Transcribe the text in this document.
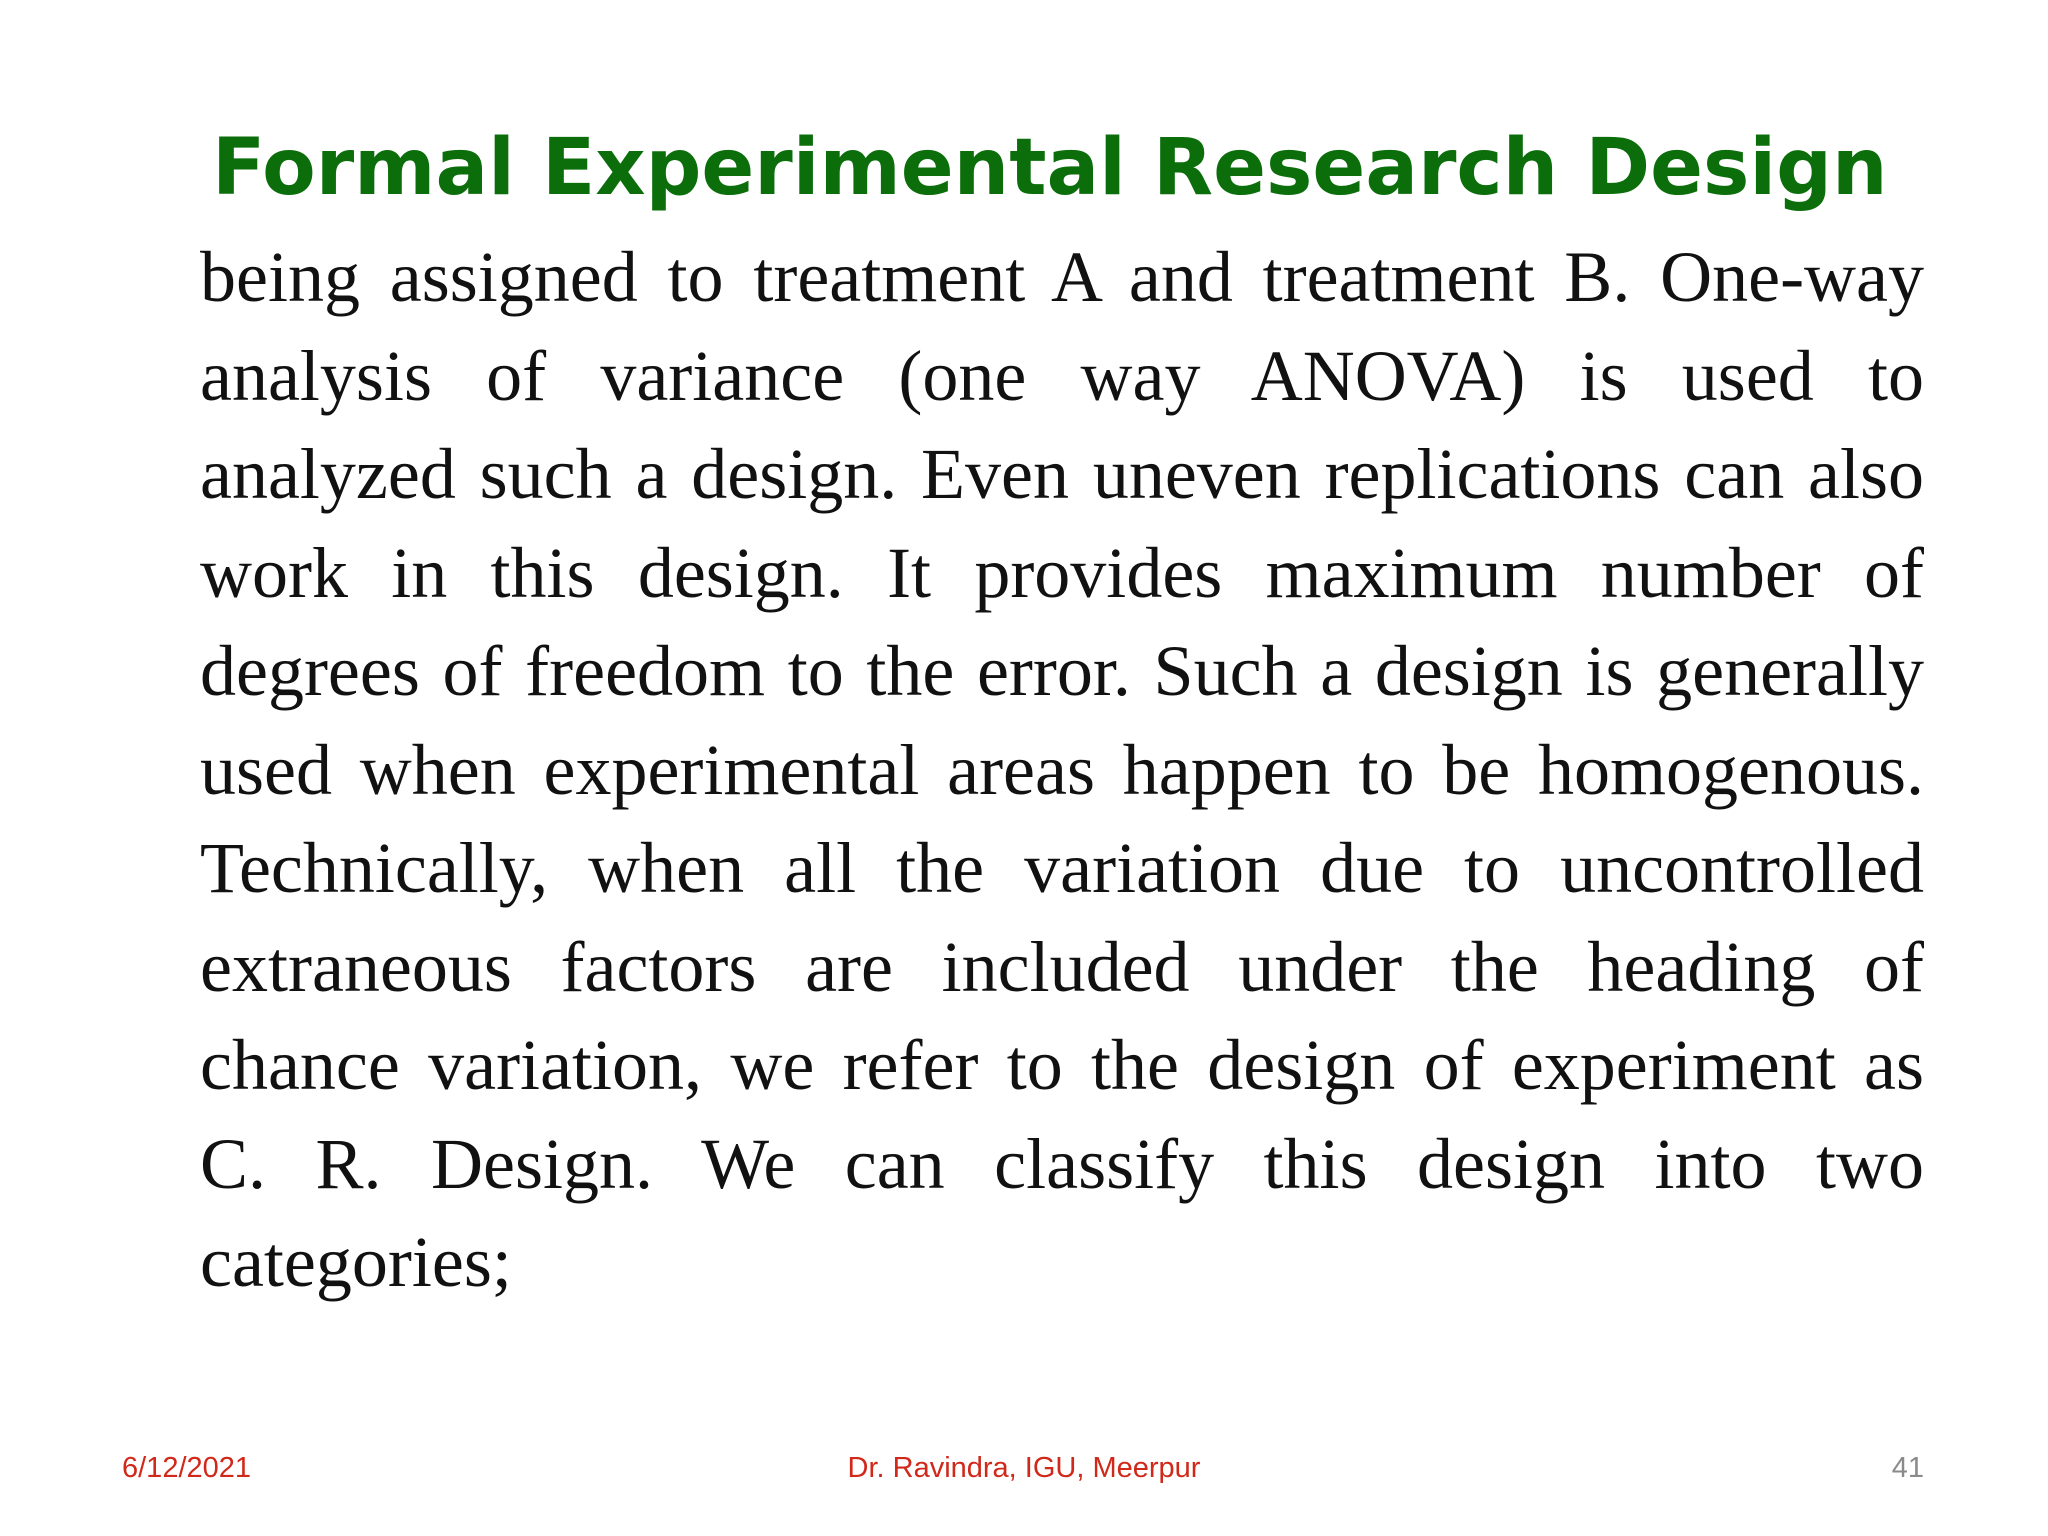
Formal Experimental Research Design
being assigned to treatment A and treatment B. One-way
analysis of variance (one way ANOVA) is used to
analyzed such a design. Even uneven replications can also
work in this design. It provides maximum number of
degrees of freedom to the error. Such a design is generally
used when experimental areas happen to be homogenous.
Technically, when all the variation due to uncontrolled
extraneous factors are included under the heading of
chance variation, we refer to the design of experiment as
C. R. Design. We can classify this design into two
categories;
6/12/2021	Dr. Ravindra, IGU, Meerpur	41
